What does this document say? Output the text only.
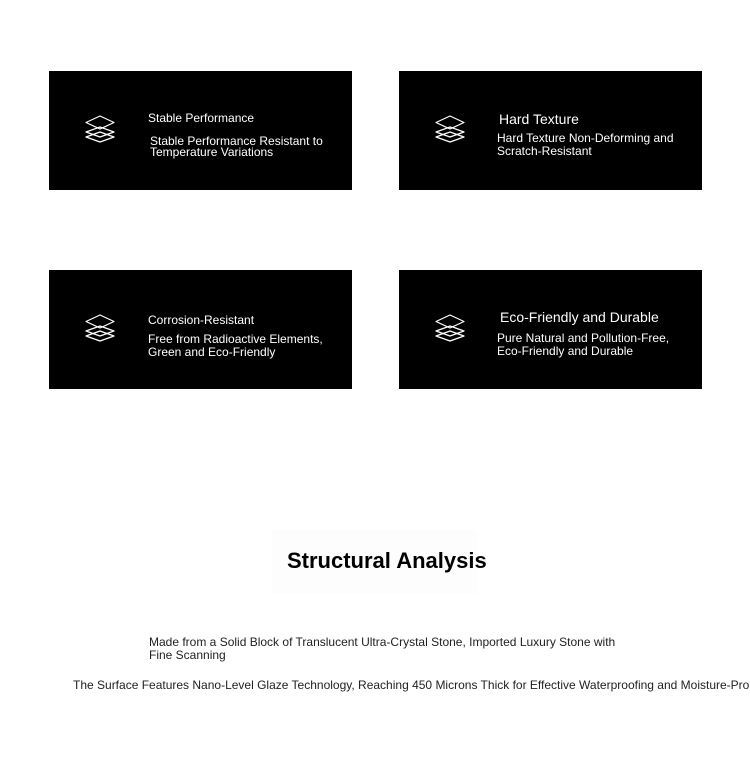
Stable Performance
Stable Performance Resistant to Temperature Variations
Hard Texture
Hard Texture Non-Deforming and Scratch-Resistant
Corrosion-Resistant
Free from Radioactive Elements, Green and Eco-Friendly
Eco-Friendly and Durable
Pure Natural and Pollution-Free, Eco-Friendly and Durable
Structural Analysis
Made from a Solid Block of Translucent Ultra-Crystal Stone, Imported Luxury Stone with Fine Scanning
The Surface Features Nano-Level Glaze Technology, Reaching 450 Microns Thick for Effective Waterproofing and Moisture-Pro
